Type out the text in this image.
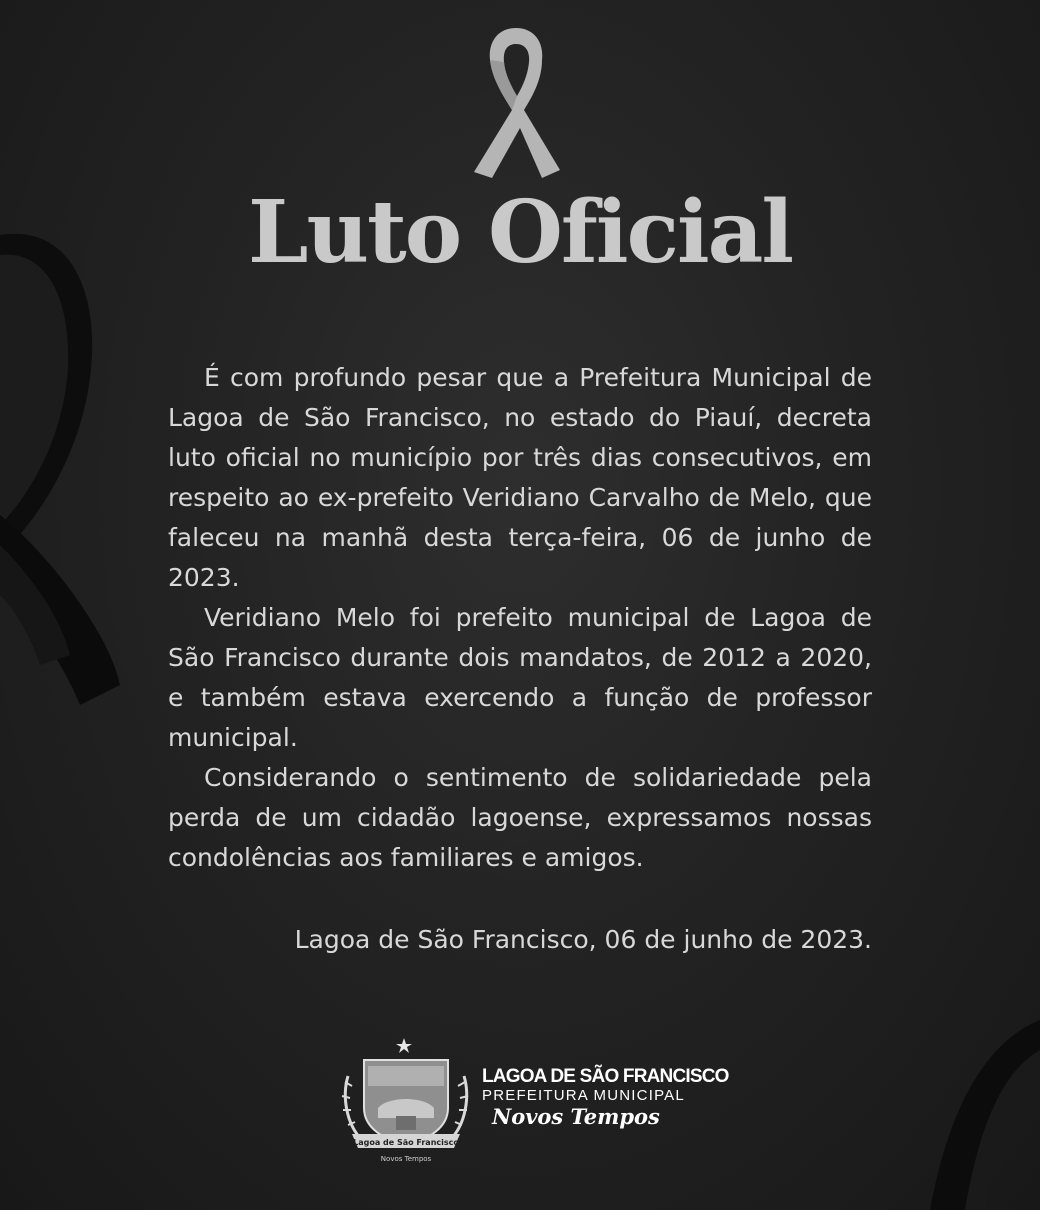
Luto Oficial

É com profundo pesar que a Prefeitura Municipal de Lagoa de São Francisco, no estado do Piauí, decreta luto oficial no município por três dias consecutivos, em respeito ao ex-prefeito Veridiano Carvalho de Melo, que faleceu na manhã desta terça-feira, 06 de junho de 2023.

Veridiano Melo foi prefeito municipal de Lagoa de São Francisco durante dois mandatos, de 2012 a 2020, e também estava exercendo a função de professor municipal.

Considerando o sentimento de solidariedade pela perda de um cidadão lagoense, expressamos nossas condolências aos familiares e amigos.

Lagoa de São Francisco, 06 de junho de 2023.
Lagoa de São Francisco
Novos Tempos
LAGOA DE SÃO FRANCISCO
PREFEITURA MUNICIPAL
Novos Tempos
